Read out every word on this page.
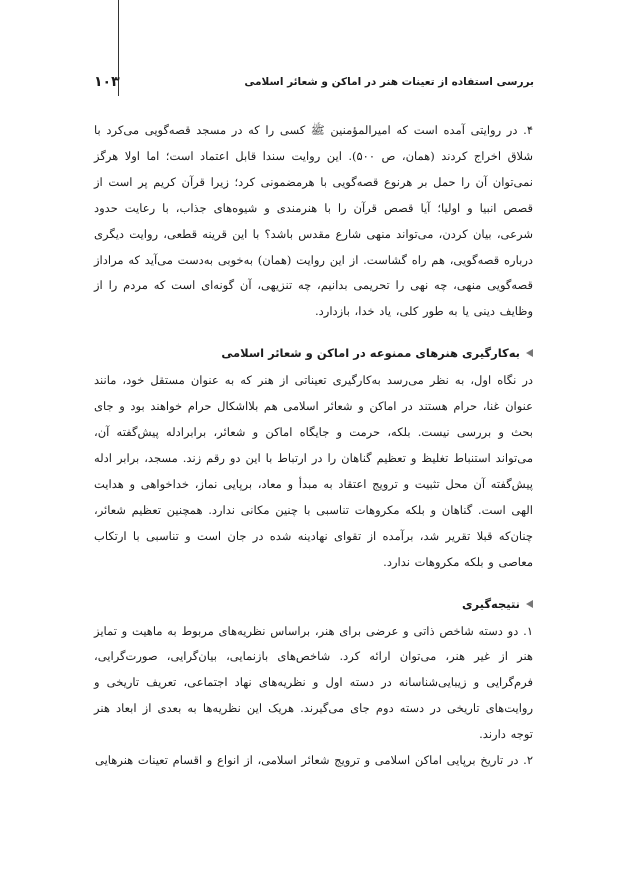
۱۰۳	بررسی استفاده از تعینات هنر در اماکن و شعائر اسلامی

۴. در روایتی آمده است که امیرالمؤمنین ﷺ کسی را که در مسجد قصه‌گویی می‌کرد با شلاق اخراج کردند (همان، ص ۵۰۰). این روایت سندا قابل اعتماد است؛ اما اولا هرگز نمی‌توان آن را حمل بر هرنوع قصه‌گویی با هرمضمونی کرد؛ زیرا قرآن کریم پر است از قصص انبیا و اولیا؛ آیا قصص قرآن را با هنرمندی و شیوه‌های جذاب، با رعایت حدود شرعی، بیان کردن، می‌تواند منهی شارع مقدس باشد؟ با این قرینه قطعی، روایت دیگری درباره قصه‌گویی، هم راه گشاست. از این روایت (همان) به‌خوبی به‌دست می‌آید که مراداز قصه‌گویی منهی، چه نهی را تحریمی بدانیم، چه تنزیهی، آن گونه‌ای است که مردم را از وظایف دینی یا به طور کلی، یاد خدا، بازدارد.

به‌کارگیری هنرهای ممنوعه در اماکن و شعائر اسلامی

در نگاه اول، به نظر می‌رسد به‌کارگیری تعیناتی از هنر که به عنوان مستقل خود، مانند عنوان غنا، حرام هستند در اماکن و شعائر اسلامی هم بلااشکال حرام خواهند بود و جای بحث و بررسی نیست. بلکه، حرمت و جایگاه اماکن و شعائر، برابرادله پیش‌گفته آن، می‌تواند استنباط تغلیظ و تعظیم گناهان را در ارتباط با این دو رقم زند. مسجد، برابر ادله پیش‌گفته آن محل تثبیت و ترویج اعتقاد به مبدأ و معاد، برپایی نماز، خداخواهی و هدایت الهی است. گناهان و بلکه مکروهات تناسبی با چنین مکانی ندارد. همچنین تعظیم شعائر، چنان‌که قبلا تقریر شد، برآمده از تقوای نهادینه شده در جان است و تناسبی با ارتکاب معاصی و بلکه مکروهات ندارد.

نتیجه‌گیری

۱. دو دسته شاخص ذاتی و عرضی برای هنر، براساس نظریه‌های مربوط به ماهیت و تمایز هنر از غیر هنر، می‌توان ارائه کرد. شاخص‌های بازنمایی، بیان‌گرایی، صورت‌گرایی، فرم‌گرایی و زیبایی‌شناسانه در دسته اول و نظریه‌های نهاد اجتماعی، تعریف تاریخی و روایت‌های تاریخی در دسته دوم جای می‌گیرند. هریک این نظریه‌ها به بعدی از ابعاد هنر توجه دارند.

۲. در تاریخ برپایی اماکن اسلامی و ترویج شعائر اسلامی، از انواع و اقسام تعینات هنرهایی
